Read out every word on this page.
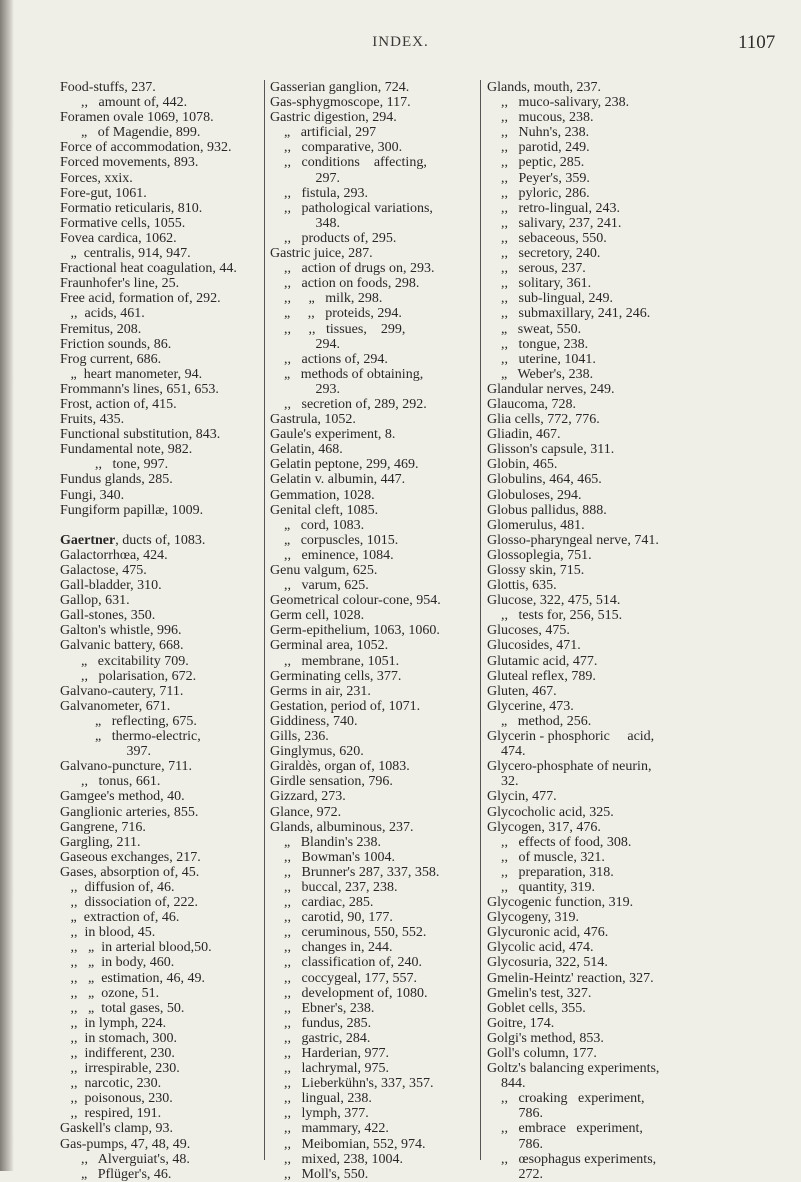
INDEX.	1107
Food-stuffs, 237.
,,   amount of, 442.
Foramen ovale 1069, 1078.
„   of Magendie, 899.
Force of accommodation, 932.
Forced movements, 893.
Forces, xxix.
Fore-gut, 1061.
Formatio reticularis, 810.
Formative cells, 1055.
Fovea cardica, 1062.
„  centralis, 914, 947.
Fractional heat coagulation, 44.
Fraunhofer's line, 25.
Free acid, formation of, 292.
,,  acids, 461.
Fremitus, 208.
Friction sounds, 86.
Frog current, 686.
„  heart manometer, 94.
Frommann's lines, 651, 653.
Frost, action of, 415.
Fruits, 435.
Functional substitution, 843.
Fundamental note, 982.
,,   tone, 997.
Fundus glands, 285.
Fungi, 340.
Fungiform papillæ, 1009.

Gaertner, ducts of, 1083.
Galactorrhœa, 424.
Galactose, 475.
Gall-bladder, 310.
Gallop, 631.
Gall-stones, 350.
Galton's whistle, 996.
Galvanic battery, 668.
„   excitability 709.
,,   polarisation, 672.
Galvano-cautery, 711.
Galvanometer, 671.
„   reflecting, 675.
„   thermo-electric,
397.
Galvano-puncture, 711.
,,   tonus, 661.
Gamgee's method, 40.
Ganglionic arteries, 855.
Gangrene, 716.
Gargling, 211.
Gaseous exchanges, 217.
Gases, absorption of, 45.
,,  diffusion of, 46.
,,  dissociation of, 222.
„  extraction of, 46.
,,  in blood, 45.
,,   „  in arterial blood,50.
,,   „  in body, 460.
,,   „  estimation, 46, 49.
,,   „  ozone, 51.
,,   „  total gases, 50.
,,  in lymph, 224.
,,  in stomach, 300.
,,  indifferent, 230.
,,  irrespirable, 230.
,,  narcotic, 230.
,,  poisonous, 230.
,,  respired, 191.
Gaskell's clamp, 93.
Gas-pumps, 47, 48, 49.
,,   Alverguiat's, 48.
„   Pflüger's, 46.
Gasserian ganglion, 724.
Gas-sphygmoscope, 117.
Gastric digestion, 294.
„   artificial, 297
,,   comparative, 300.
,,   conditions    affecting,
297.
,,   fistula, 293.
,,   pathological variations,
348.
,,   products of, 295.
Gastric juice, 287.
,,   action of drugs on, 293.
,,   action on foods, 298.
,,     „   milk, 298.
„     ,,   proteids, 294.
,,     ,,   tissues,    299,
294.
,,   actions of, 294.
„   methods of obtaining,
293.
,,   secretion of, 289, 292.
Gastrula, 1052.
Gaule's experiment, 8.
Gelatin, 468.
Gelatin peptone, 299, 469.
Gelatin v. albumin, 447.
Gemmation, 1028.
Genital cleft, 1085.
„   cord, 1083.
„   corpuscles, 1015.
,,   eminence, 1084.
Genu valgum, 625.
,,   varum, 625.
Geometrical colour-cone, 954.
Germ cell, 1028.
Germ-epithelium, 1063, 1060.
Germinal area, 1052.
,,   membrane, 1051.
Germinating cells, 377.
Germs in air, 231.
Gestation, period of, 1071.
Giddiness, 740.
Gills, 236.
Ginglymus, 620.
Giraldès, organ of, 1083.
Girdle sensation, 796.
Gizzard, 273.
Glance, 972.
Glands, albuminous, 237.
„   Blandin's 238.
,,   Bowman's 1004.
,,   Brunner's 287, 337, 358.
,,   buccal, 237, 238.
,,   cardiac, 285.
,,   carotid, 90, 177.
,,   ceruminous, 550, 552.
,,   changes in, 244.
,,   classification of, 240.
,,   coccygeal, 177, 557.
,,   development of, 1080.
,,   Ebner's, 238.
,,   fundus, 285.
,,   gastric, 284.
,,   Harderian, 977.
,,   lachrymal, 975.
,,   Lieberkühn's, 337, 357.
,,   lingual, 238.
,,   lymph, 377.
,,   mammary, 422.
,,   Meibomian, 552, 974.
,,   mixed, 238, 1004.
,,   Moll's, 550.
Glands, mouth, 237.
,,   muco-salivary, 238.
,,   mucous, 238.
,,   Nuhn's, 238.
,,   parotid, 249.
,,   peptic, 285.
,,   Peyer's, 359.
,,   pyloric, 286.
,,   retro-lingual, 243.
,,   salivary, 237, 241.
,,   sebaceous, 550.
,,   secretory, 240.
,,   serous, 237.
,,   solitary, 361.
,,   sub-lingual, 249.
,,   submaxillary, 241, 246.
„   sweat, 550.
,,   tongue, 238.
,,   uterine, 1041.
„   Weber's, 238.
Glandular nerves, 249.
Glaucoma, 728.
Glia cells, 772, 776.
Gliadin, 467.
Glisson's capsule, 311.
Globin, 465.
Globulins, 464, 465.
Globuloses, 294.
Globus pallidus, 888.
Glomerulus, 481.
Glosso-pharyngeal nerve, 741.
Glossoplegia, 751.
Glossy skin, 715.
Glottis, 635.
Glucose, 322, 475, 514.
,,   tests for, 256, 515.
Glucoses, 475.
Glucosides, 471.
Glutamic acid, 477.
Gluteal reflex, 789.
Gluten, 467.
Glycerine, 473.
„   method, 256.
Glycerin - phosphoric     acid,
474.
Glycero-phosphate of neurin,
32.
Glycin, 477.
Glycocholic acid, 325.
Glycogen, 317, 476.
,,   effects of food, 308.
,,   of muscle, 321.
,,   preparation, 318.
,,   quantity, 319.
Glycogenic function, 319.
Glycogeny, 319.
Glycuronic acid, 476.
Glycolic acid, 474.
Glycosuria, 322, 514.
Gmelin-Heintz' reaction, 327.
Gmelin's test, 327.
Goblet cells, 355.
Goitre, 174.
Golgi's method, 853.
Goll's column, 177.
Goltz's balancing experiments,
844.
,,   croaking   experiment,
786.
,,   embrace   experiment,
786.
,,   œsophagus experiments,
272.
